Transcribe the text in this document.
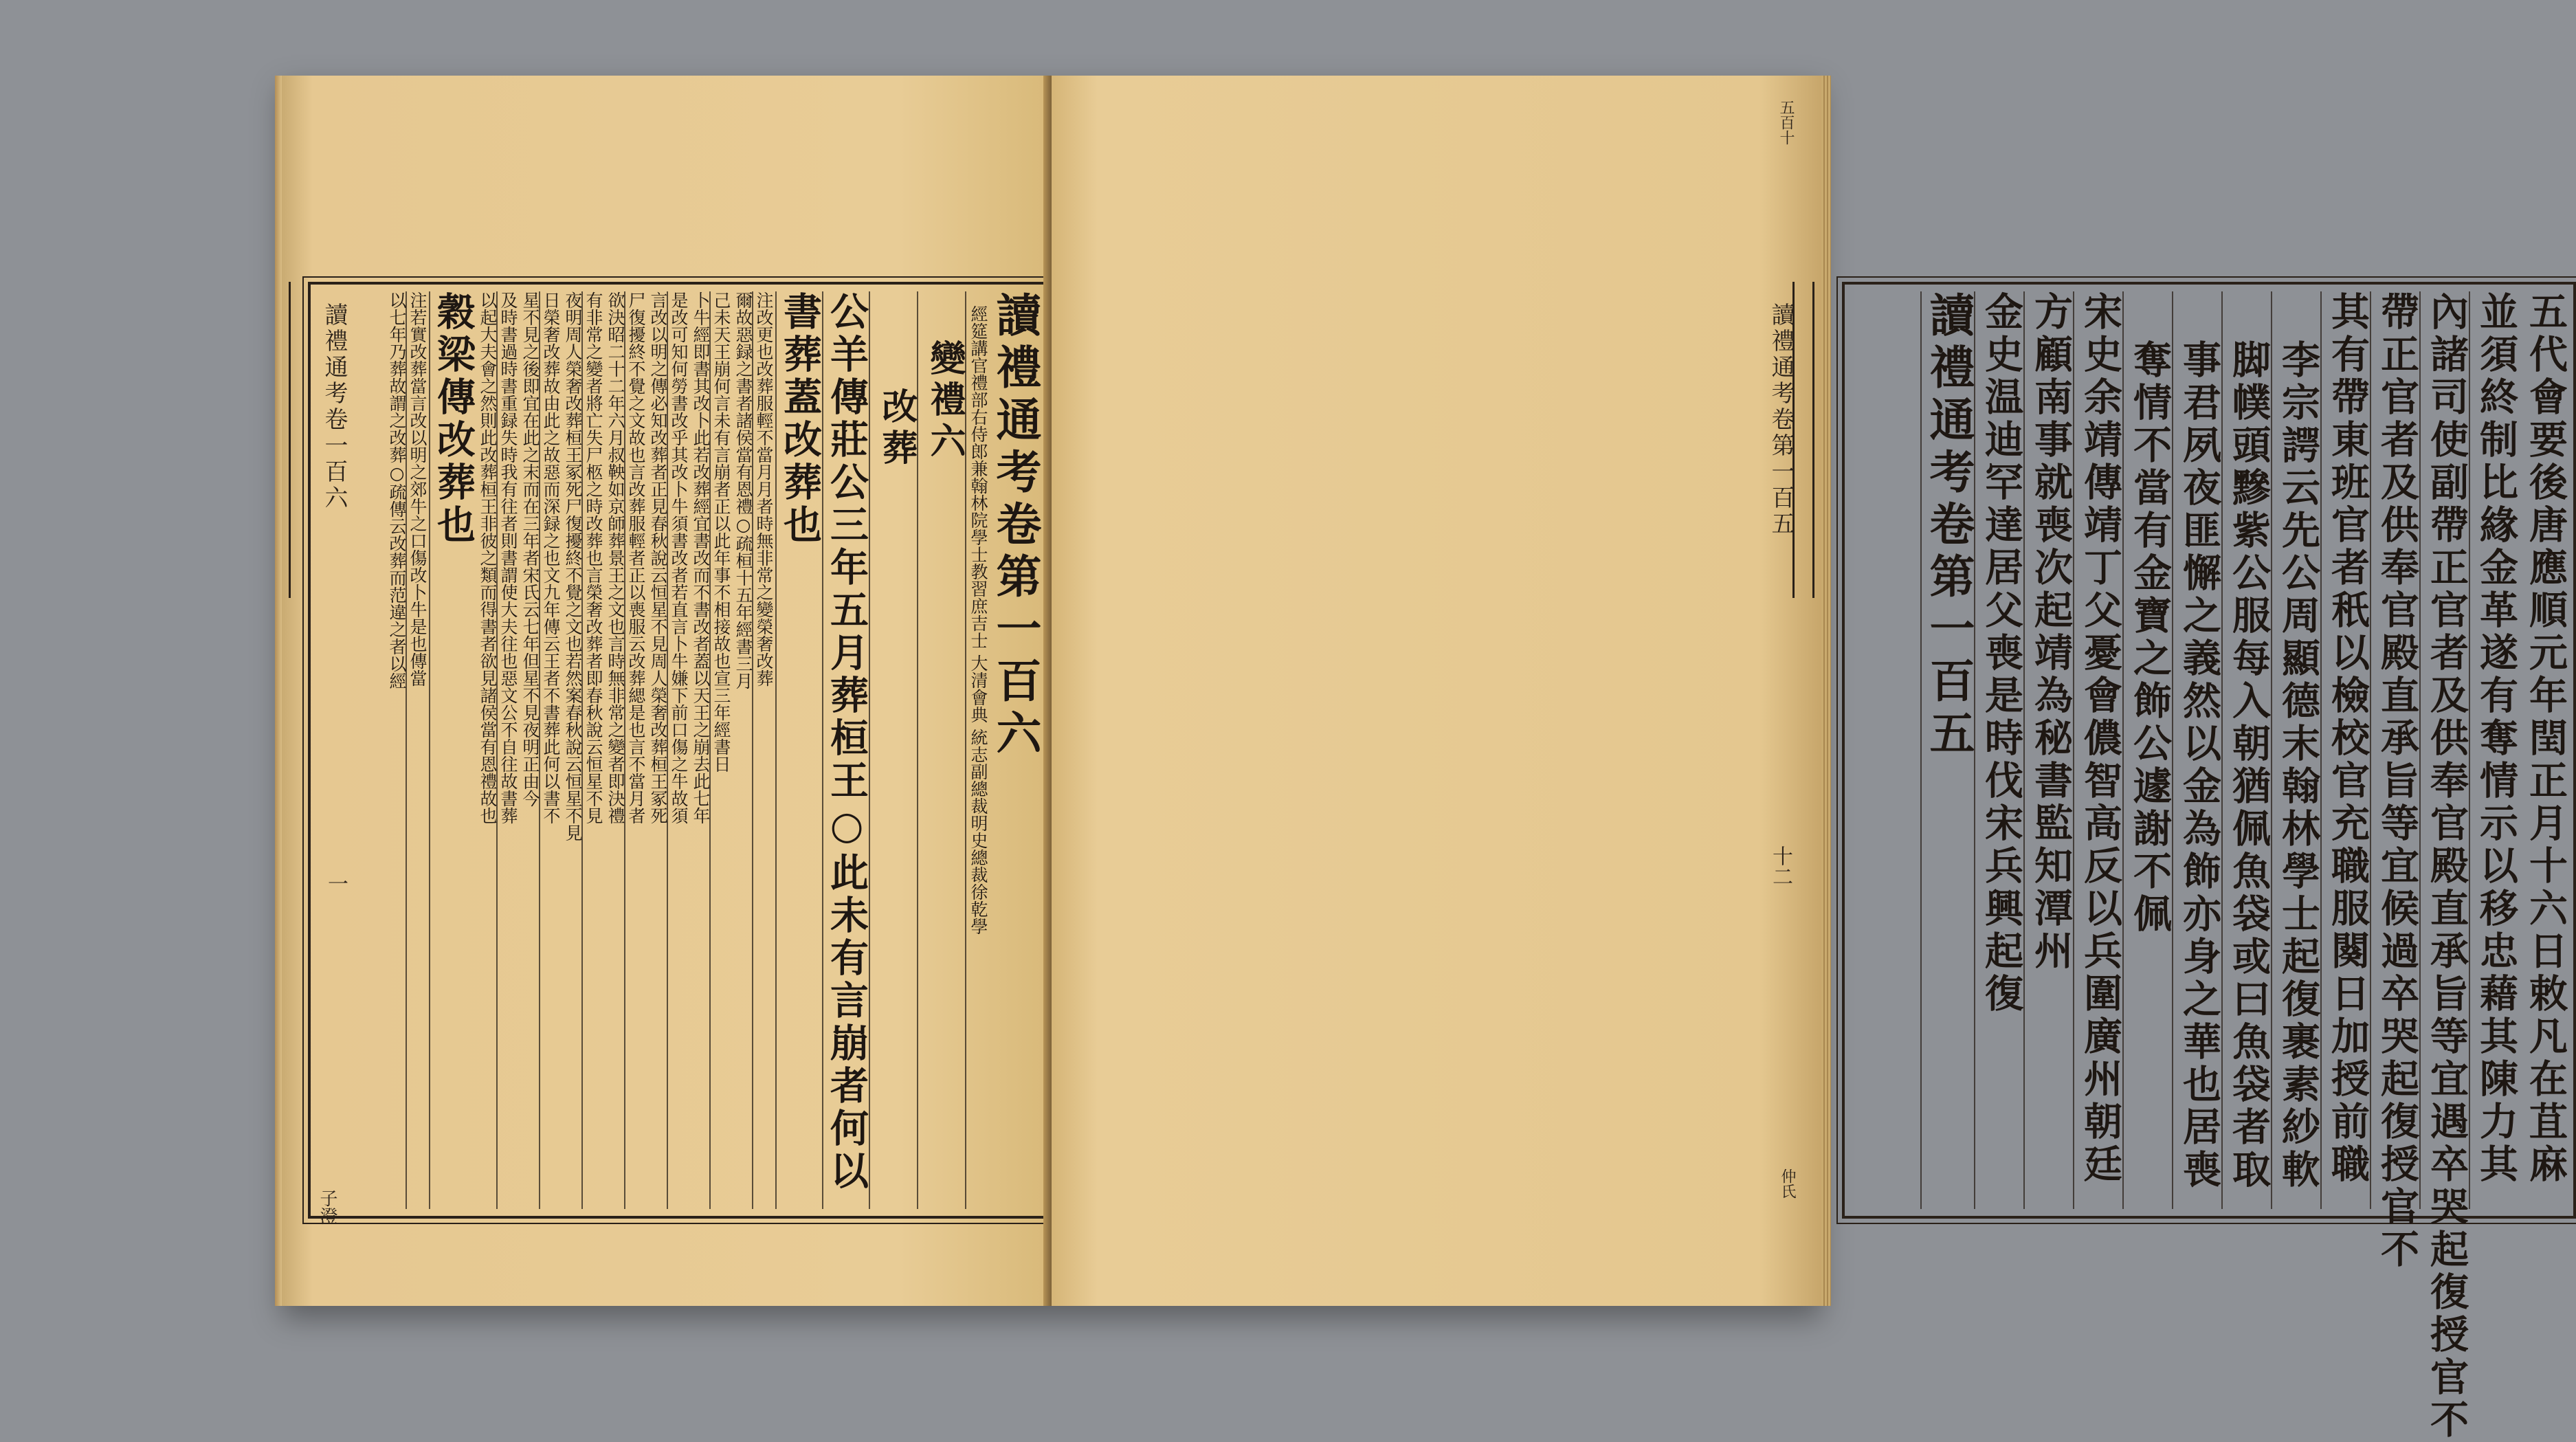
讀禮通考卷一百六
一
子澄
讀禮通考卷第一百六
經筵講官禮部右侍郎兼翰林院學士教習庶吉士 大清會典 統志副總裁明史總裁徐乾學
變禮六
改葬
公羊傳莊公三年五月葬桓王○此未有言崩者何以
書葬蓋改葬也
注改更也改葬服輕不當月月者時無非常之變榮奢改葬
爾故惡録之書者諸侯當有恩禮○疏桓十五年經書三月
己未天王崩何言未有言崩者正以此年事不相接故也宣三年經書日
卜牛經即書其改卜此若改葬經宜書改而不書改者蓋以天王之崩去此七年
是改可知何勞書改乎其改卜牛須書改者若直言卜牛嫌下前口傷之牛故須
言改以明之傳必知改葬者正見春秋說云恒星不見周人榮奢改葬桓王冢死
尸復擾終不覺之文故也言改葬服輕者正以喪服云改葬緦是也言不當月者
欲決昭二十二年六月叔鞅如京師葬景王之文也言時無非常之變者即決禮
有非常之變者將亡失尸柩之時改葬也言榮奢改葬者即春秋說云恒星不見
夜明周人榮奢改葬桓王冢死尸復擾終不覺之文也若然案春秋說云恒星不見
日榮奢改葬故由此之故惡而深録之也文九年傳云王者不書葬此何以書不
星不見之後即宜在此之末而在三年者宋氏云七年但星不見夜明正由今
及時書過時書重録失時我有往者則書謂使大夫往也惡文公不自往故書葬
以起大夫會之然則此改葬桓王非彼之類而得書者欲見諸侯當有恩禮故也
穀梁傳改葬也
注若實改葬當言改以明之郊牛之口傷改卜牛是也傳當
以七年乃葬故謂之改葬○疏傳云改葬而范違之者以經	讀禮通考卷第一百五
五百十
十二
仲氏	五代會要後唐應順元年閏正月十六日敕凡在苴麻
並須終制比緣金革遂有奪情示以移忠藉其陳力其
內諸司使副帶正官者及供奉官殿直承旨等宜遇卒哭起復授官不
帶正官者及供奉官殿直承旨等宜候過卒哭起復授官不
其有帶東班官者秖以檢校官充職服闋日加授前職
李宗諤云先公周顯德末翰林學士起復裹素紗軟
脚幞頭黲紫公服每入朝猶佩魚袋或曰魚袋者取
事君夙夜匪懈之義然以金為飾亦身之華也居喪
奪情不當有金寶之飾公遽謝不佩
宋史余靖傳靖丁父憂會儂智高反以兵圍廣州朝廷
方顧南事就喪次起靖為秘書監知潭州
金史温迪罕達居父喪是時伐宋兵興起復
讀禮通考卷第一百五
